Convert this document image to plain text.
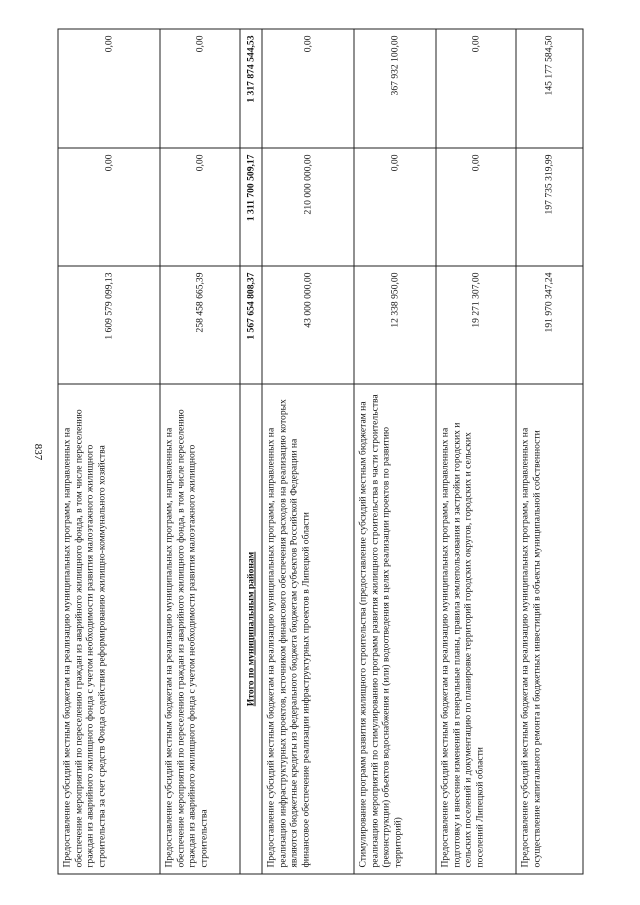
837 Предоставление субсидий местным бюджетам на реализацию муниципальных программ, направленных на обеспечение мероприятий по переселению граждан из аварийного жилищного фонда, в том числе переселению граждан из аварийного жилищного фонда с учетом необходимости развития малоэтажного жилищного строительства за счет средств Фонда содействия реформированию жилищно-коммунального хозяйства	1 609 579 099,13	0,00	0,00
Предоставление субсидий местным бюджетам на реализацию муниципальных программ, направленных на обеспечение мероприятий по переселению граждан из аварийного жилищного фонда, в том числе переселению граждан из аварийного жилищного фонда с учетом необходимости развития малоэтажного жилищного строительства	258 458 665,39	0,00	0,00
Итого по муниципальным районам	1 567 654 808,37	1 311 700 509,17	1 317 874 544,53
Предоставление субсидий местным бюджетам на реализацию муниципальных программ, направленных на реализацию инфраструктурных проектов, источником финансового обеспечения расходов на реализацию которых являются бюджетные кредиты из федерального бюджета бюджетам субъектов Российской Федерации на финансовое обеспечение реализации инфраструктурных проектов в Липецкой области	43 000 000,00	210 000 000,00	0,00
Стимулирование программ развития жилищного строительства (предоставление субсидий местным бюджетам на реализацию мероприятий по стимулированию программ развития жилищного строительства в части строительства (реконструкции) объектов водоснабжения и (или) водоотведения в целях реализации проектов по развитию территорий)	12 338 950,00	0,00	367 932 100,00
Предоставление субсидий местным бюджетам на реализацию муниципальных программ, направленных на подготовку и внесение изменений в генеральные планы, правила землепользования и застройки городских и сельских поселений и документацию по планировке территорий городских округов, городских и сельских поселений Липецкой области	19 271 307,00	0,00	0,00
Предоставление субсидий местным бюджетам на реализацию муниципальных программ, направленных на осуществление капитального ремонта и бюджетных инвестиций в объекты муниципальной собственности	191 970 347,24	197 735 319,99	145 177 584,50
